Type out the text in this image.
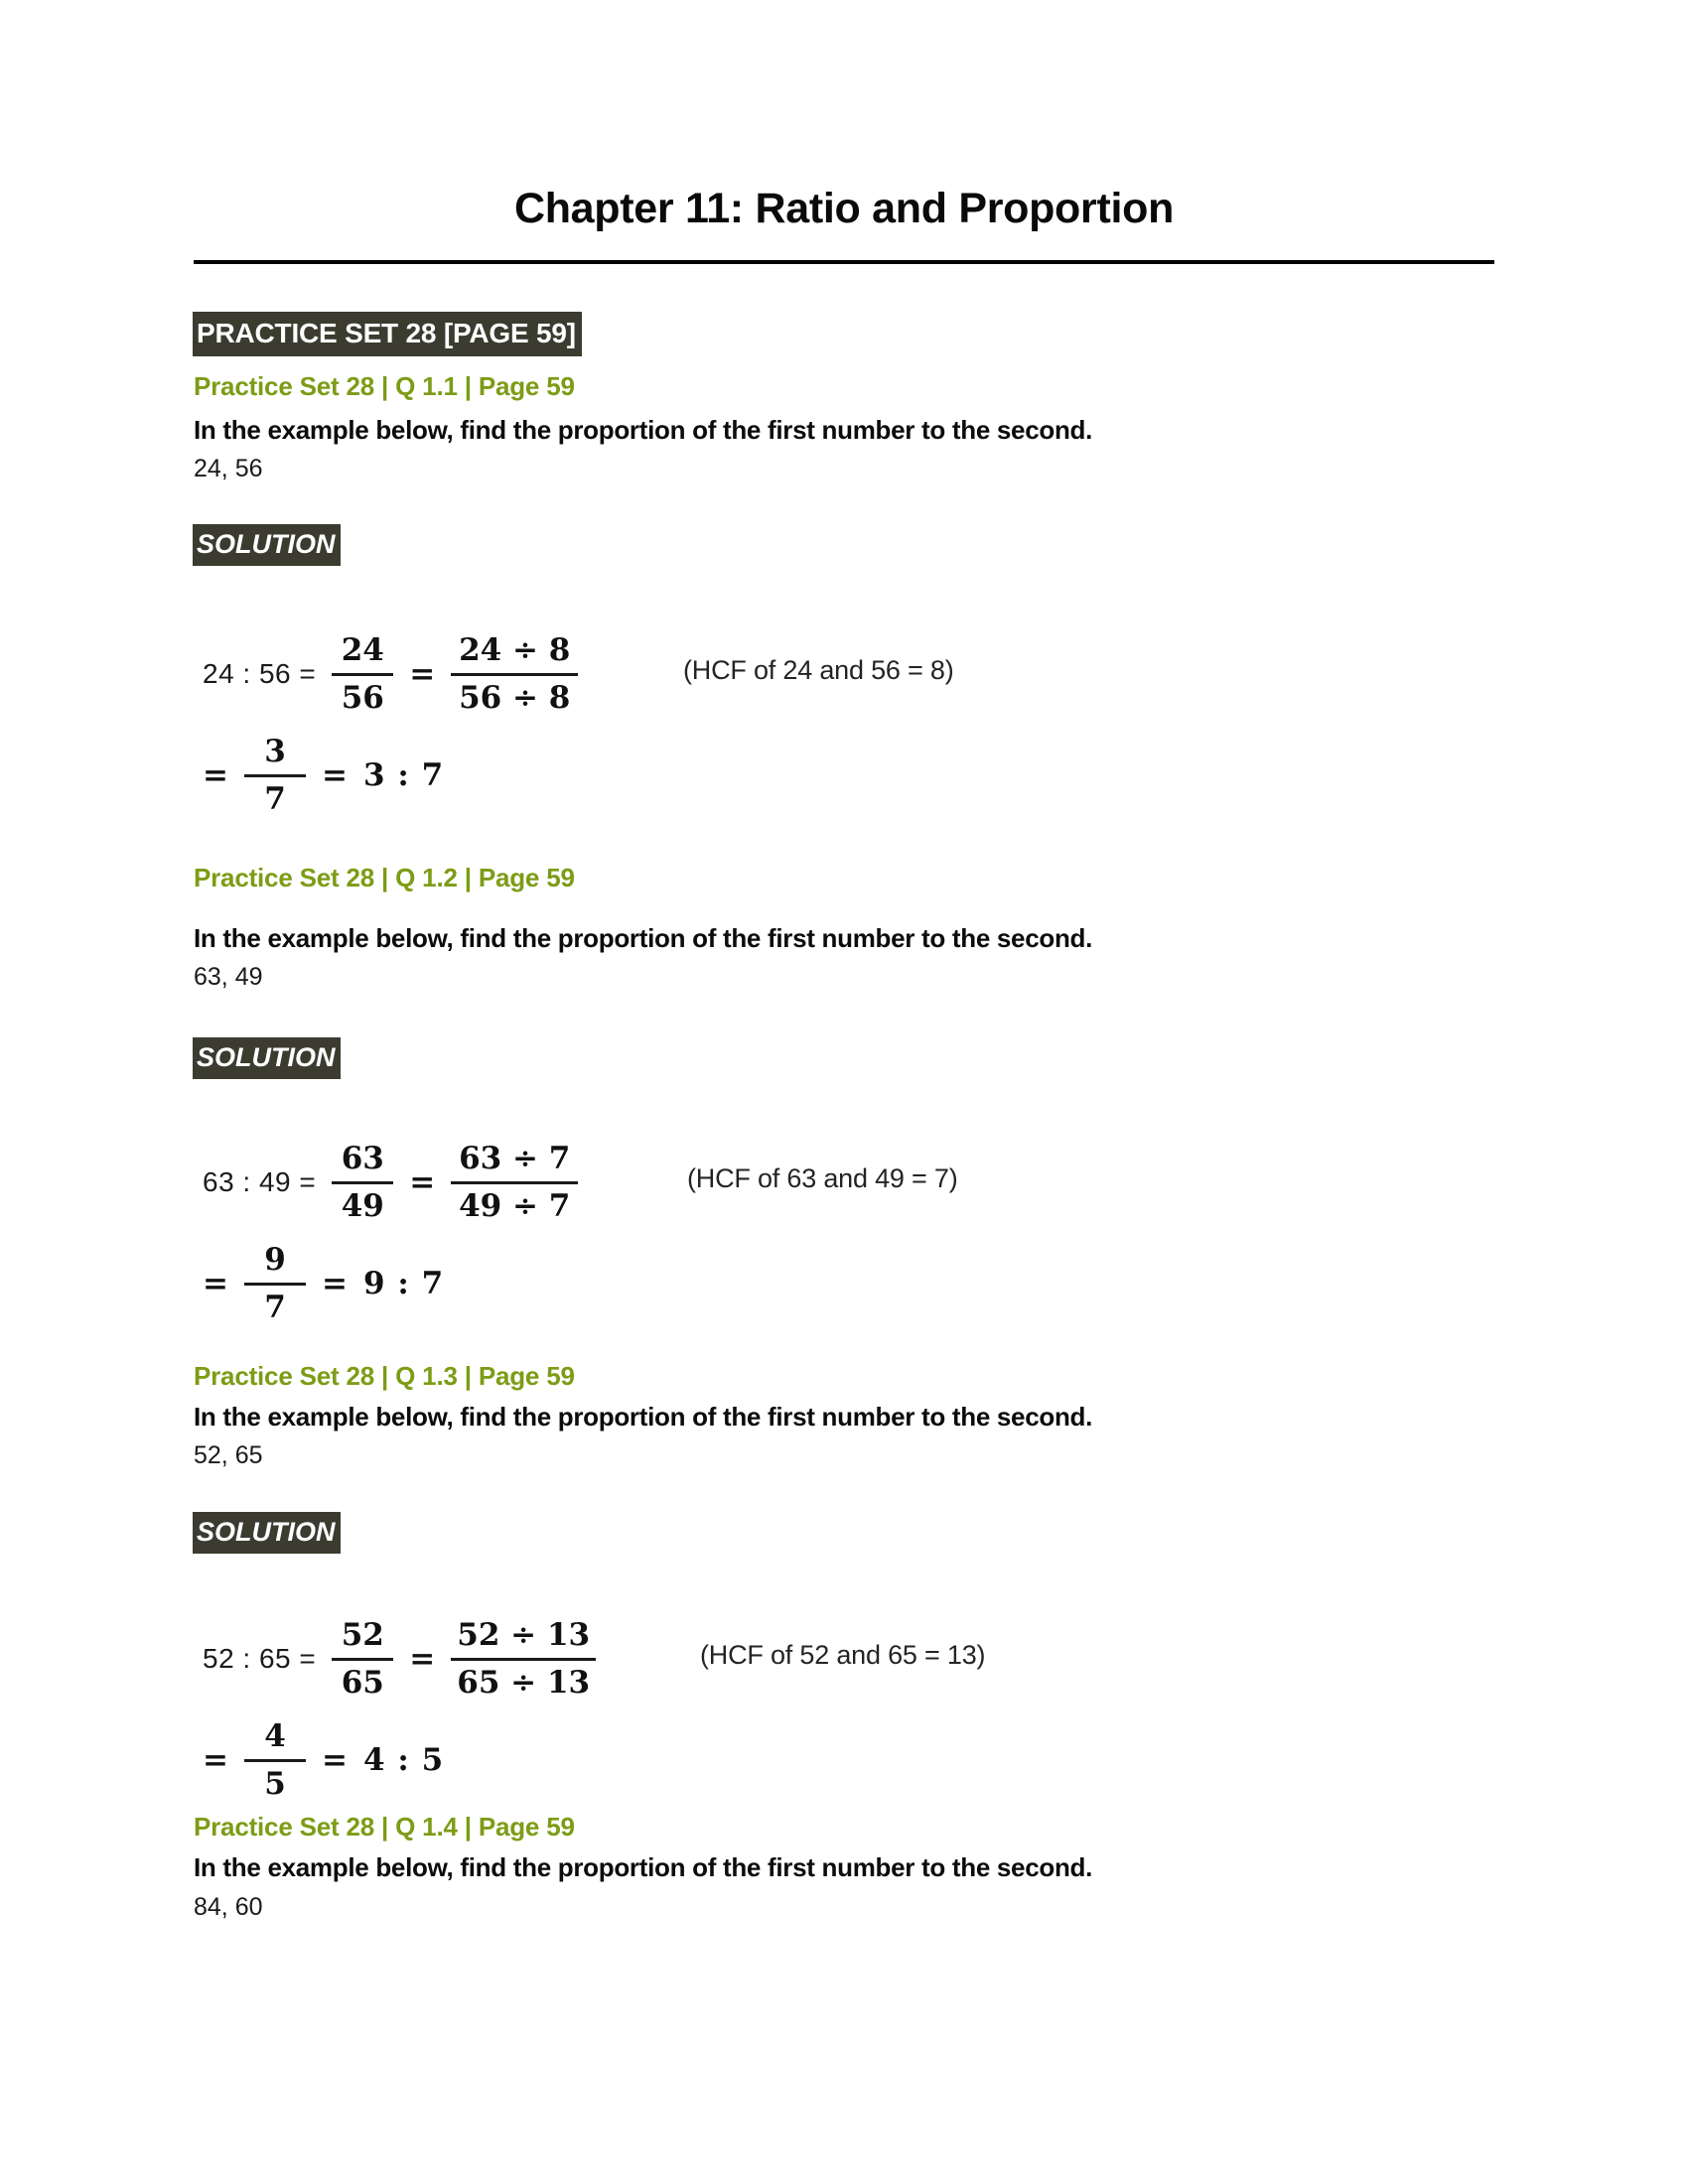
Chapter 11: Ratio and Proportion
PRACTICE SET 28 [PAGE 59]
Practice Set 28 | Q 1.1 | Page 59
In the example below, find the proportion of the first number to the second.
24, 56
SOLUTION
24 : $56 = \frac{24}{56} = \frac{24 \div 8}{56 \div 8}$	(HCF of 24 and 56 = 8)
= $\frac{3}{7} = 3$ : 7
Practice Set 28 | Q 1.2 | Page 59
In the example below, find the proportion of the first number to the second.
63, 49
SOLUTION
63 : $49 = \frac{63}{49} = \frac{63 \div 7}{49 \div 7}$	(HCF of 63 and 49 = 7)
= $\frac{9}{7} = 9$ : 7
Practice Set 28 | Q 1.3 | Page 59
In the example below, find the proportion of the first number to the second.
52, 65
SOLUTION
52 : $65 = \frac{52}{65} = \frac{52 \div 13}{65 \div 13}$	(HCF of 52 and 65 = 13)
= $\frac{4}{5} = 4$ : 5
Practice Set 28 | Q 1.4 | Page 59
In the example below, find the proportion of the first number to the second.
84, 60
